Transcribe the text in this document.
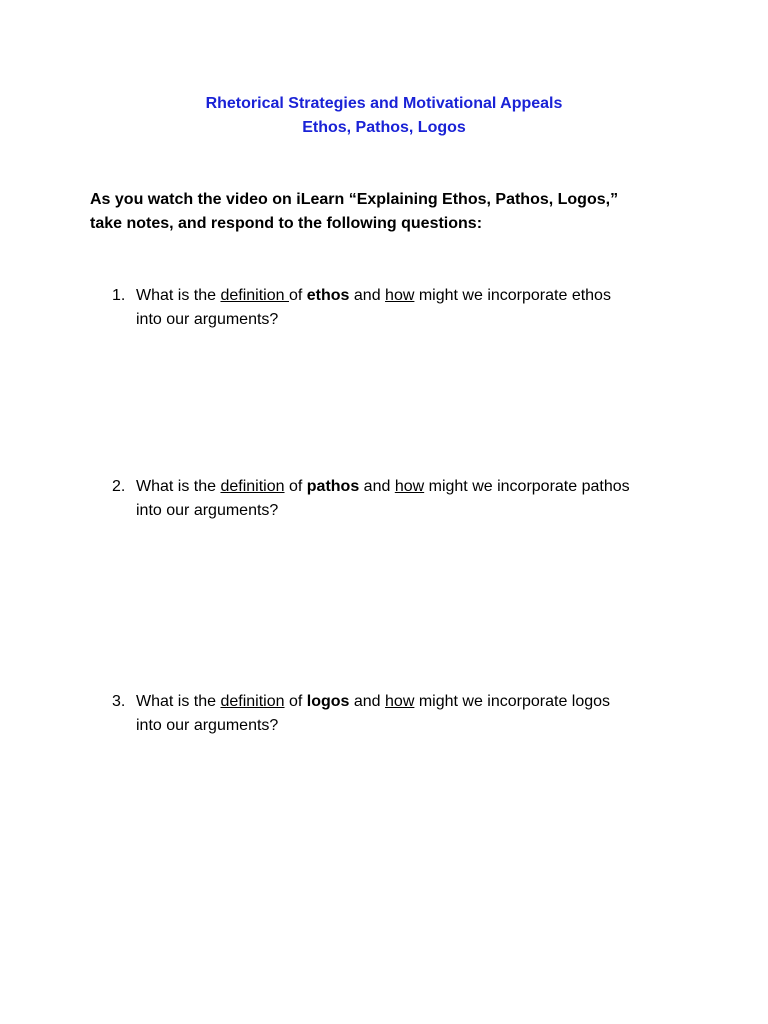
Rhetorical Strategies and Motivational Appeals
Ethos, Pathos, Logos
As you watch the video on iLearn “Explaining Ethos, Pathos, Logos,”
take notes, and respond to the following questions:
1. What is the definition of ethos and how might we incorporate ethos
into our arguments?
2. What is the definition of pathos and how might we incorporate pathos
into our arguments?
3. What is the definition of logos and how might we incorporate logos
into our arguments?
